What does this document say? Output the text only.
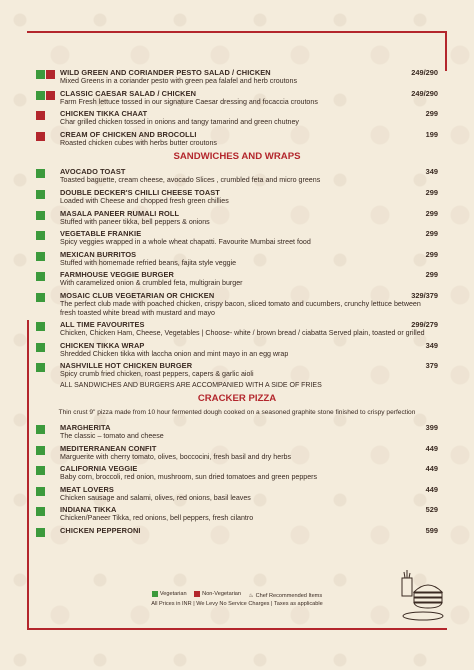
WILD GREEN AND CORIANDER PESTO SALAD / CHICKEN	249/290
Mixed Greens in a coriander pesto with green pea falafel and herb croutons
CLASSIC CAESAR SALAD / CHICKEN	249/290
Farm Fresh lettuce tossed in our signature Caesar dressing and focaccia croutons
CHICKEN TIKKA CHAAT	299
Char grilled chicken tossed in onions and tangy tamarind and green chutney
CREAM OF CHICKEN AND BROCOLLI	199
Roasted chicken cubes with herbs butter croutons
SANDWICHES AND WRAPS
AVOCADO TOAST	349
Toasted baguette, cream cheese, avocado Slices , crumbled feta and micro greens
DOUBLE DECKER'S CHILLI CHEESE TOAST	299
Loaded with Cheese and chopped fresh green chillies
MASALA PANEER RUMALI ROLL	299
Stuffed with paneer tikka, bell peppers & onions
VEGETABLE FRANKIE	299
Spicy veggies wrapped in a whole wheat chapatti. Favourite Mumbai street food
MEXICAN BURRITOS	299
Stuffed with homemade refried beans, fajita style veggie
FARMHOUSE VEGGIE BURGER	299
With caramelized onion & crumbled feta, multigrain burger
MOSAIC CLUB VEGETARIAN OR CHICKEN	329/379
The perfect club made with poached chicken, crispy bacon, sliced tomato and cucumbers, crunchy lettuce between fresh toasted white bread with mustard and mayo
ALL TIME FAVOURITES	299/279
Chicken, Chicken Ham, Cheese, Vegetables | Choose- white / brown bread / ciabatta Served plain, toasted or grilled
CHICKEN TIKKA WRAP	349
Shredded Chicken tikka with laccha onion and mint mayo in an egg wrap
NASHVILLE HOT CHICKEN BURGER	379
Spicy crumb fried chicken, roast peppers, capers & garlic aioli
ALL SANDWICHES AND BURGERS ARE ACCOMPANIED WITH A SIDE OF FRIES
CRACKER PIZZA
Thin crust 9" pizza made from 10 hour fermented dough cooked on a seasoned graphite stone finished to crispy perfection
MARGHERITA	399
The classic – tomato and cheese
MEDITERRANEAN CONFIT	449
Marguerite with cherry tomato, olives, boccocini, fresh basil and dry herbs
CALIFORNIA VEGGIE	449
Baby corn, broccoli, red onion, mushroom, sun dried tomatoes and green peppers
MEAT LOVERS	449
Chicken sausage and salami, olives, red onions, basil leaves
INDIANA TIKKA	529
Chicken/Paneer Tikka, red onions, bell peppers, fresh cilantro
CHICKEN PEPPERONI	599
Vegetarian
	Non-Vegetarian
♨ Chef Recommended Items
All Prices in INR | We Levy No Service Charges | Taxes as applicable
